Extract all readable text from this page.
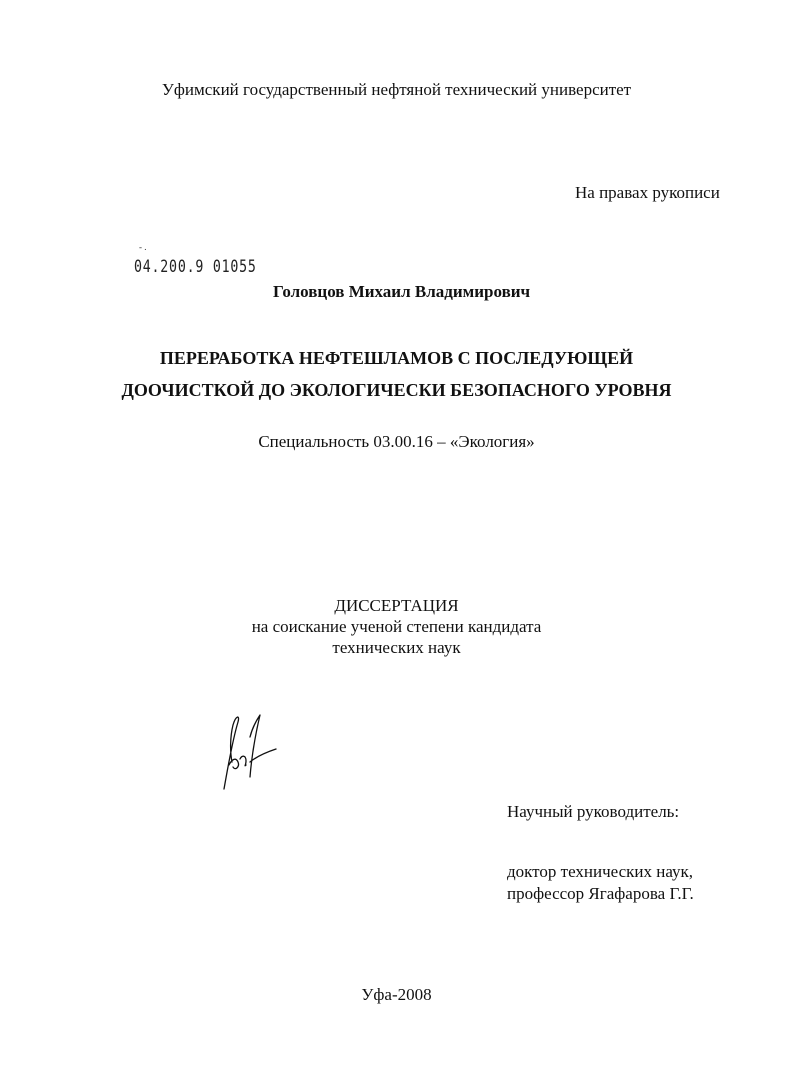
Уфимский государственный нефтяной технический университет
На правах рукописи
- .
04.200.9 01055
Головцов Михаил Владимирович
ПЕРЕРАБОТКА НЕФТЕШЛАМОВ С ПОСЛЕДУЮЩЕЙ
ДООЧИСТКОЙ ДО ЭКОЛОГИЧЕСКИ БЕЗОПАСНОГО УРОВНЯ
Специальность 03.00.16 – «Экология»
ДИССЕРТАЦИЯ
на соискание ученой степени кандидата
технических наук
Научный руководитель:
доктор технических наук,
профессор Ягафарова Г.Г.
Уфа-2008
